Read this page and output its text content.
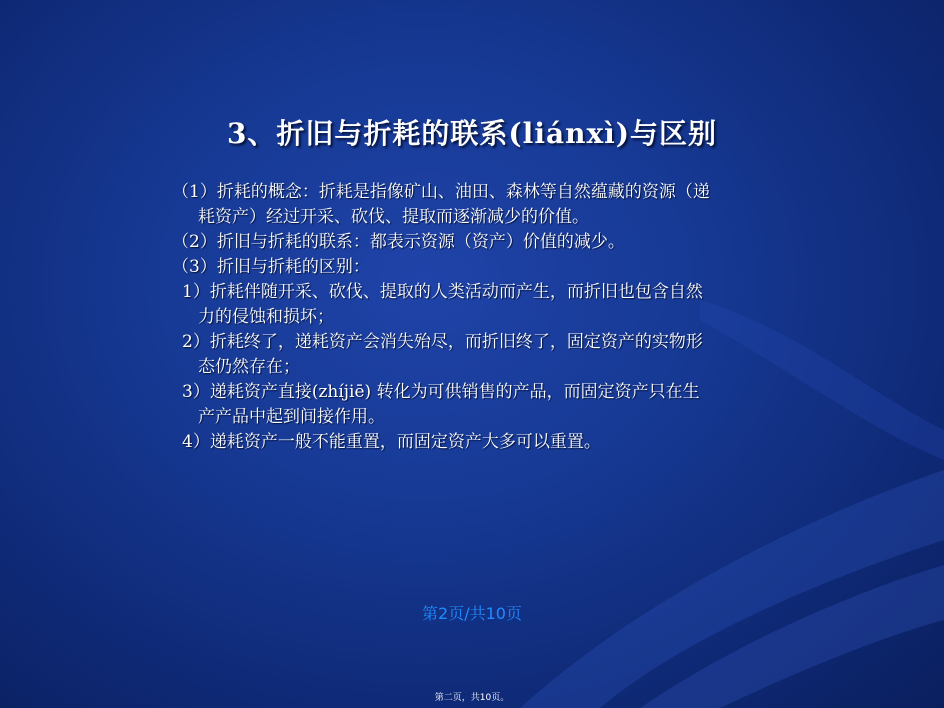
3、折旧与折耗的联系(liánxì)与区别
（1）折耗的概念：折耗是指像矿山、油田、森林等自然蕴藏的资源（递
耗资产）经过开采、砍伐、提取而逐渐减少的价值。
（2）折旧与折耗的联系：都表示资源（资产）价值的减少。
（3）折旧与折耗的区别：
1）折耗伴随开采、砍伐、提取的人类活动而产生，而折旧也包含自然
力的侵蚀和损坏；
2）折耗终了，递耗资产会消失殆尽，而折旧终了，固定资产的实物形
态仍然存在；
3）递耗资产直接(zhíjiē) 转化为可供销售的产品，而固定资产只在生
产产品中起到间接作用。
4）递耗资产一般不能重置，而固定资产大多可以重置。
第2页/共10页
第二页，共10页。
